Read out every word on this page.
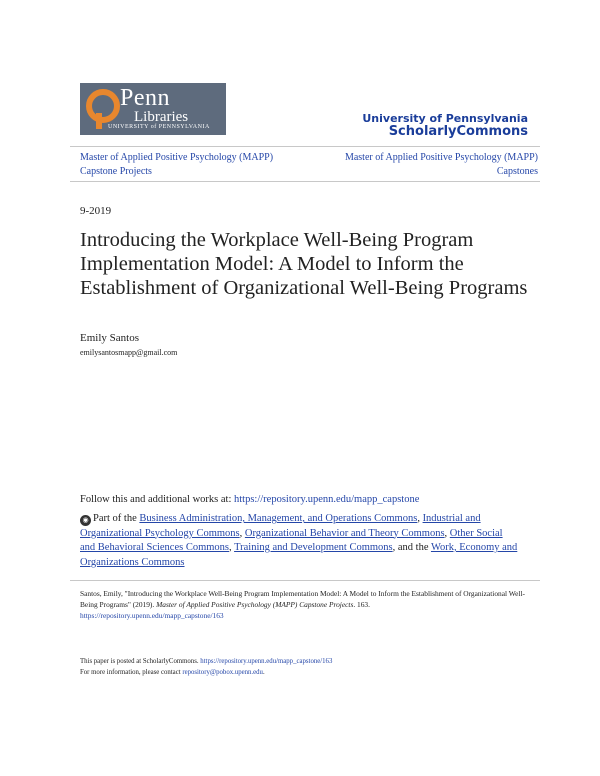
Penn
Libraries
UNIVERSITY of PENNSYLVANIA
University of Pennsylvania
ScholarlyCommons
Master of Applied Positive Psychology (MAPP)
Capstone Projects
Master of Applied Positive Psychology (MAPP)
Capstones
9-2019
Introducing the Workplace Well-Being Program Implementation Model: A Model to Inform the Establishment of Organizational Well-Being Programs
Emily Santos
emilysantosmapp@gmail.com
Follow this and additional works at: https://repository.upenn.edu/mapp_capstone
◉ Part of the Business Administration, Management, and Operations Commons, Industrial and Organizational Psychology Commons, Organizational Behavior and Theory Commons, Other Social and Behavioral Sciences Commons, Training and Development Commons, and the Work, Economy and Organizations Commons
Santos, Emily, "Introducing the Workplace Well-Being Program Implementation Model: A Model to Inform the Establishment of Organizational Well-Being Programs" (2019). Master of Applied Positive Psychology (MAPP) Capstone Projects. 163.
https://repository.upenn.edu/mapp_capstone/163
This paper is posted at ScholarlyCommons. https://repository.upenn.edu/mapp_capstone/163
For more information, please contact repository@pobox.upenn.edu.
